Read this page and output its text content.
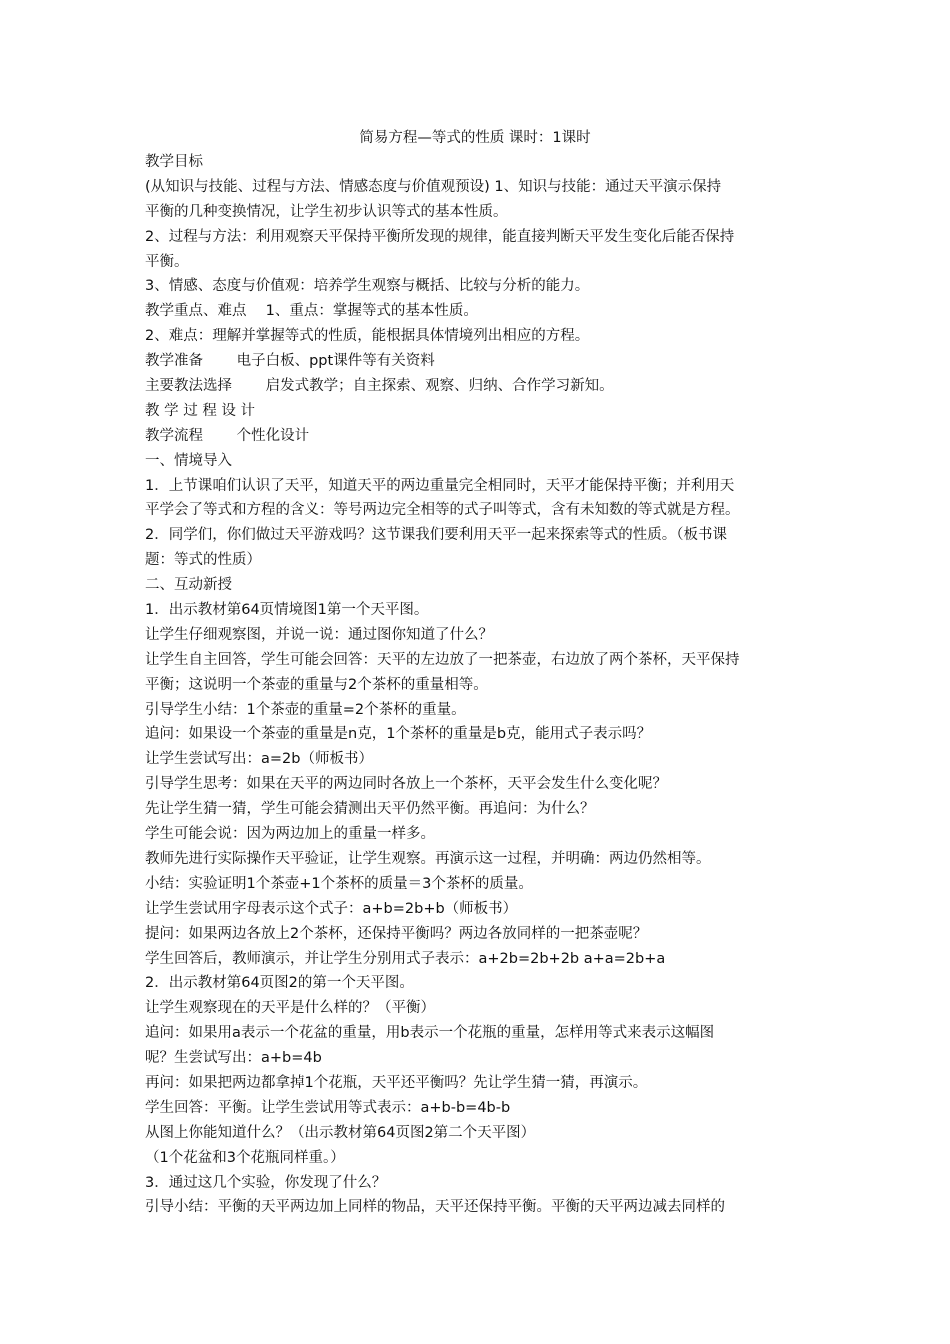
简易方程—等式的性质 课时：1课时
教学目标
(从知识与技能、过程与方法、情感态度与价值观预设) 1、知识与技能：通过天平演示保持
平衡的几种变换情况，让学生初步认识等式的基本性质。
2、过程与方法：利用观察天平保持平衡所发现的规律，能直接判断天平发生变化后能否保持
平衡。
3、情感、态度与价值观：培养学生观察与概括、比较与分析的能力。
教学重点、难点　 1、重点：掌握等式的基本性质。
2、难点：理解并掌握等式的性质，能根据具体情境列出相应的方程。
教学准备　　 电子白板、ppt课件等有关资料
主要教法选择　　 启发式教学；自主探索、观察、归纳、合作学习新知。
教 学 过 程 设 计
教学流程　　 个性化设计
一、情境导入
1．上节课咱们认识了天平，知道天平的两边重量完全相同时，天平才能保持平衡；并利用天
平学会了等式和方程的含义：等号两边完全相等的式子叫等式，含有未知数的等式就是方程。
2．同学们，你们做过天平游戏吗？这节课我们要利用天平一起来探索等式的性质。（板书课
题：等式的性质）
二、互动新授
1．出示教材第64页情境图1第一个天平图。
让学生仔细观察图，并说一说：通过图你知道了什么？
让学生自主回答，学生可能会回答：天平的左边放了一把茶壶，右边放了两个茶杯，天平保持
平衡；这说明一个茶壶的重量与2个茶杯的重量相等。
引导学生小结：1个茶壶的重量=2个茶杯的重量。
追问：如果设一个茶壶的重量是n克，1个茶杯的重量是b克，能用式子表示吗？
让学生尝试写出：a=2b（师板书）
引导学生思考：如果在天平的两边同时各放上一个茶杯，天平会发生什么变化呢？
先让学生猜一猜，学生可能会猜测出天平仍然平衡。再追问：为什么？
学生可能会说：因为两边加上的重量一样多。
教师先进行实际操作天平验证，让学生观察。再演示这一过程，并明确：两边仍然相等。
小结：实验证明1个茶壶+1个茶杯的质量＝3个茶杯的质量。
让学生尝试用字母表示这个式子：a+b=2b+b（师板书）
提问：如果两边各放上2个茶杯，还保持平衡吗？两边各放同样的一把茶壶呢？
学生回答后，教师演示，并让学生分别用式子表示：a+2b=2b+2b a+a=2b+a
2．出示教材第64页图2的第一个天平图。
让学生观察现在的天平是什么样的？（平衡）
追问：如果用a表示一个花盆的重量，用b表示一个花瓶的重量，怎样用等式来表示这幅图
呢？生尝试写出：a+b=4b
再问：如果把两边都拿掉1个花瓶，天平还平衡吗？先让学生猜一猜，再演示。
学生回答：平衡。让学生尝试用等式表示：a+b-b=4b-b
从图上你能知道什么？（出示教材第64页图2第二个天平图）
（1个花盆和3个花瓶同样重。）
3．通过这几个实验，你发现了什么？
引导小结：平衡的天平两边加上同样的物品，天平还保持平衡。平衡的天平两边减去同样的
